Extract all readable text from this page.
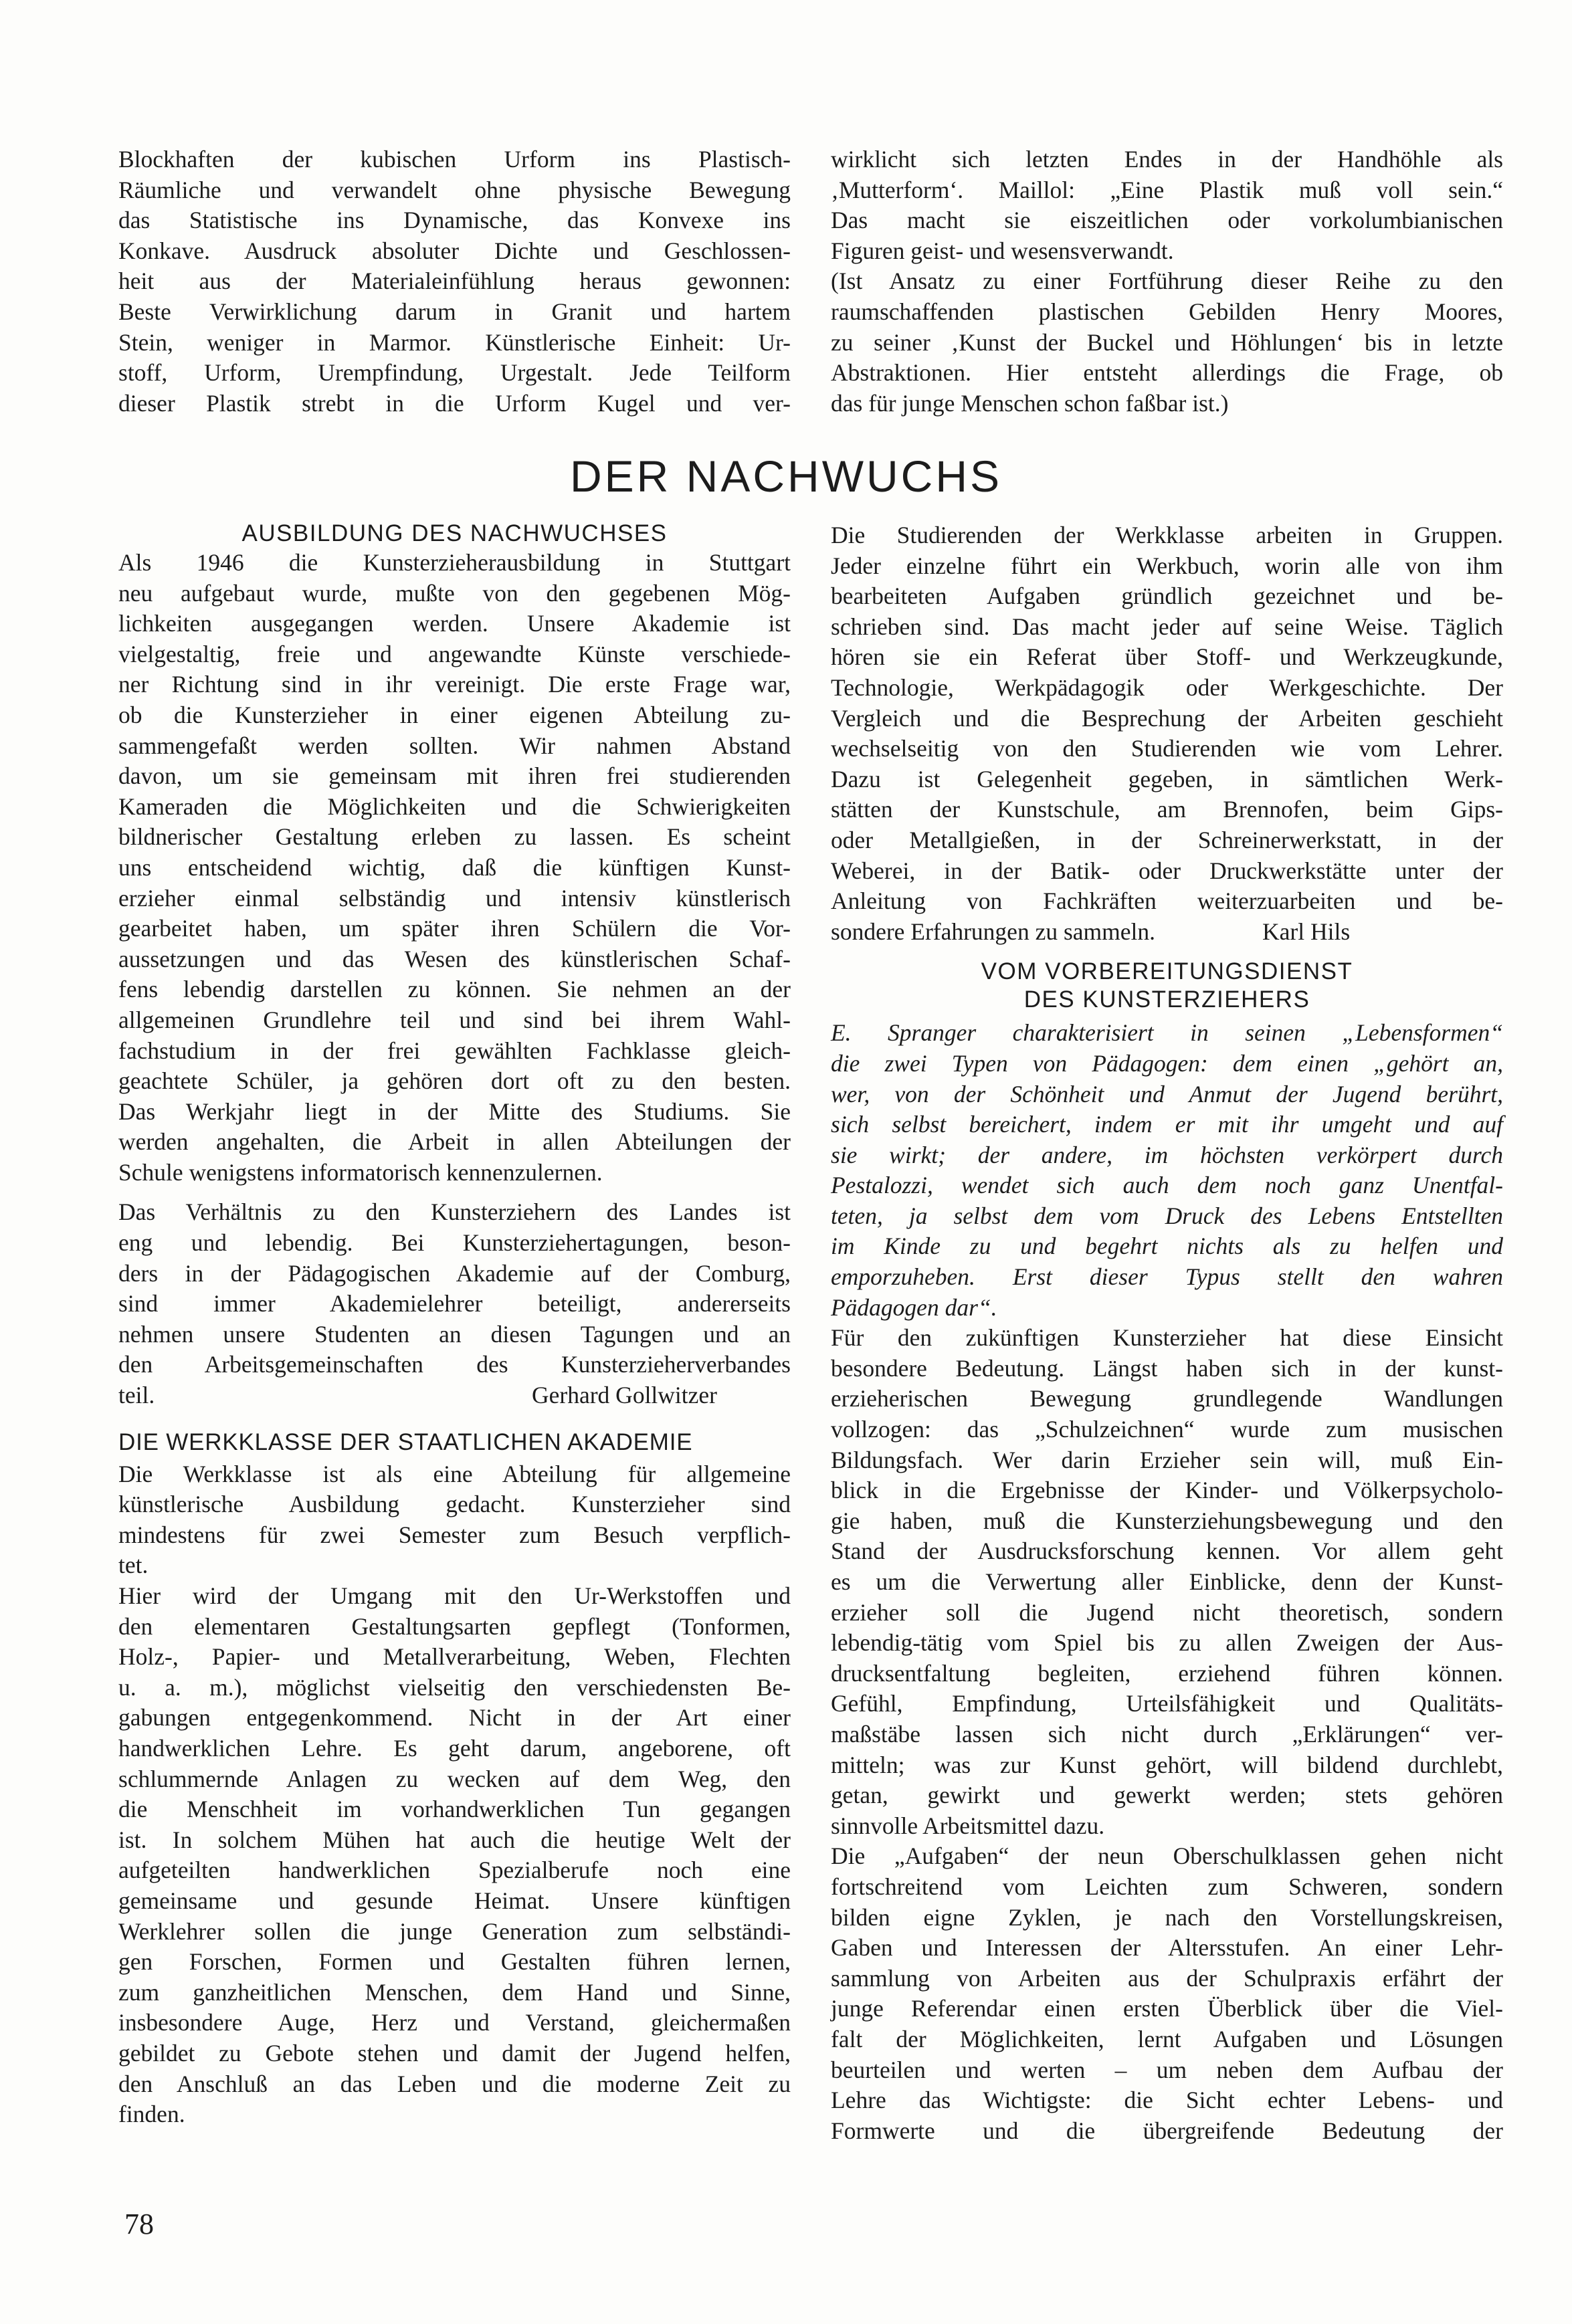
Blockhaften der kubischen Urform ins Plastisch-
Räumliche und verwandelt ohne physische Bewegung
das Statistische ins Dynamische, das Konvexe ins
Konkave. Ausdruck absoluter Dichte und Geschlossen-
heit aus der Materialeinfühlung heraus gewonnen:
Beste Verwirklichung darum in Granit und hartem
Stein, weniger in Marmor. Künstlerische Einheit: Ur-
stoff, Urform, Urempfindung, Urgestalt. Jede Teilform
dieser Plastik strebt in die Urform Kugel und ver-
wirklicht sich letzten Endes in der Handhöhle als
‚Mutterform‘. Maillol: „Eine Plastik muß voll sein.“
Das macht sie eiszeitlichen oder vorkolumbianischen
Figuren geist- und wesensverwandt.
(Ist Ansatz zu einer Fortführung dieser Reihe zu den
raumschaffenden plastischen Gebilden Henry Moores,
zu seiner ‚Kunst der Buckel und Höhlungen‘ bis in letzte
Abstraktionen. Hier entsteht allerdings die Frage, ob
das für junge Menschen schon faßbar ist.)
DER NACHWUCHS

AUSBILDUNG DES NACHWUCHSES

Als 1946 die Kunsterzieherausbildung in Stuttgart
neu aufgebaut wurde, mußte von den gegebenen Mög-
lichkeiten ausgegangen werden. Unsere Akademie ist
vielgestaltig, freie und angewandte Künste verschiede-
ner Richtung sind in ihr vereinigt. Die erste Frage war,
ob die Kunsterzieher in einer eigenen Abteilung zu-
sammengefaßt werden sollten. Wir nahmen Abstand
davon, um sie gemeinsam mit ihren frei studierenden
Kameraden die Möglichkeiten und die Schwierigkeiten
bildnerischer Gestaltung erleben zu lassen. Es scheint
uns entscheidend wichtig, daß die künftigen Kunst-
erzieher einmal selbständig und intensiv künstlerisch
gearbeitet haben, um später ihren Schülern die Vor-
aussetzungen und das Wesen des künstlerischen Schaf-
fens lebendig darstellen zu können. Sie nehmen an der
allgemeinen Grundlehre teil und sind bei ihrem Wahl-
fachstudium in der frei gewählten Fachklasse gleich-
geachtete Schüler, ja gehören dort oft zu den besten.
Das Werkjahr liegt in der Mitte des Studiums. Sie
werden angehalten, die Arbeit in allen Abteilungen der
Schule wenigstens informatorisch kennenzulernen.
Das Verhältnis zu den Kunsterziehern des Landes ist
eng und lebendig. Bei Kunsterziehertagungen, beson-
ders in der Pädagogischen Akademie auf der Comburg,
sind immer Akademielehrer beteiligt, andererseits
nehmen unsere Studenten an diesen Tagungen und an
den Arbeitsgemeinschaften des Kunsterzieherverbandes
teil.	Gerhard Gollwitzer

DIE WERKKLASSE DER STAATLICHEN AKADEMIE

Die Werkklasse ist als eine Abteilung für allgemeine
künstlerische Ausbildung gedacht. Kunsterzieher sind
mindestens für zwei Semester zum Besuch verpflich-
tet.
Hier wird der Umgang mit den Ur-Werkstoffen und
den elementaren Gestaltungsarten gepflegt (Tonformen,
Holz-, Papier- und Metallverarbeitung, Weben, Flechten
u. a. m.), möglichst vielseitig den verschiedensten Be-
gabungen entgegenkommend. Nicht in der Art einer
handwerklichen Lehre. Es geht darum, angeborene, oft
schlummernde Anlagen zu wecken auf dem Weg, den
die Menschheit im vorhandwerklichen Tun gegangen
ist. In solchem Mühen hat auch die heutige Welt der
aufgeteilten handwerklichen Spezialberufe noch eine
gemeinsame und gesunde Heimat. Unsere künftigen
Werklehrer sollen die junge Generation zum selbständi-
gen Forschen, Formen und Gestalten führen lernen,
zum ganzheitlichen Menschen, dem Hand und Sinne,
insbesondere Auge, Herz und Verstand, gleichermaßen
gebildet zu Gebote stehen und damit der Jugend helfen,
den Anschluß an das Leben und die moderne Zeit zu
finden.
Die Studierenden der Werkklasse arbeiten in Gruppen.
Jeder einzelne führt ein Werkbuch, worin alle von ihm
bearbeiteten Aufgaben gründlich gezeichnet und be-
schrieben sind. Das macht jeder auf seine Weise. Täglich
hören sie ein Referat über Stoff- und Werkzeugkunde,
Technologie, Werkpädagogik oder Werkgeschichte. Der
Vergleich und die Besprechung der Arbeiten geschieht
wechselseitig von den Studierenden wie vom Lehrer.
Dazu ist Gelegenheit gegeben, in sämtlichen Werk-
stätten der Kunstschule, am Brennofen, beim Gips-
oder Metallgießen, in der Schreinerwerkstatt, in der
Weberei, in der Batik- oder Druckwerkstätte unter der
Anleitung von Fachkräften weiterzuarbeiten und be-
sondere Erfahrungen zu sammeln.	Karl Hils

VOM VORBEREITUNGSDIENST

DES KUNSTERZIEHERS

E. Spranger charakterisiert in seinen „Lebensformen“
die zwei Typen von Pädagogen: dem einen „gehört an,
wer, von der Schönheit und Anmut der Jugend berührt,
sich selbst bereichert, indem er mit ihr umgeht und auf
sie wirkt; der andere, im höchsten verkörpert durch
Pestalozzi, wendet sich auch dem noch ganz Unentfal-
teten, ja selbst dem vom Druck des Lebens Entstellten
im Kinde zu und begehrt nichts als zu helfen und
emporzuheben. Erst dieser Typus stellt den wahren
Pädagogen dar“.
Für den zukünftigen Kunsterzieher hat diese Einsicht
besondere Bedeutung. Längst haben sich in der kunst-
erzieherischen Bewegung grundlegende Wandlungen
vollzogen: das „Schulzeichnen“ wurde zum musischen
Bildungsfach. Wer darin Erzieher sein will, muß Ein-
blick in die Ergebnisse der Kinder- und Völkerpsycholo-
gie haben, muß die Kunsterziehungsbewegung und den
Stand der Ausdrucksforschung kennen. Vor allem geht
es um die Verwertung aller Einblicke, denn der Kunst-
erzieher soll die Jugend nicht theoretisch, sondern
lebendig-tätig vom Spiel bis zu allen Zweigen der Aus-
drucksentfaltung begleiten, erziehend führen können.
Gefühl, Empfindung, Urteilsfähigkeit und Qualitäts-
maßstäbe lassen sich nicht durch „Erklärungen“ ver-
mitteln; was zur Kunst gehört, will bildend durchlebt,
getan, gewirkt und gewerkt werden; stets gehören
sinnvolle Arbeitsmittel dazu.
Die „Aufgaben“ der neun Oberschulklassen gehen nicht
fortschreitend vom Leichten zum Schweren, sondern
bilden eigne Zyklen, je nach den Vorstellungskreisen,
Gaben und Interessen der Altersstufen. An einer Lehr-
sammlung von Arbeiten aus der Schulpraxis erfährt der
junge Referendar einen ersten Überblick über die Viel-
falt der Möglichkeiten, lernt Aufgaben und Lösungen
beurteilen und werten – um neben dem Aufbau der
Lehre das Wichtigste: die Sicht echter Lebens- und
Formwerte und die übergreifende Bedeutung der
78
